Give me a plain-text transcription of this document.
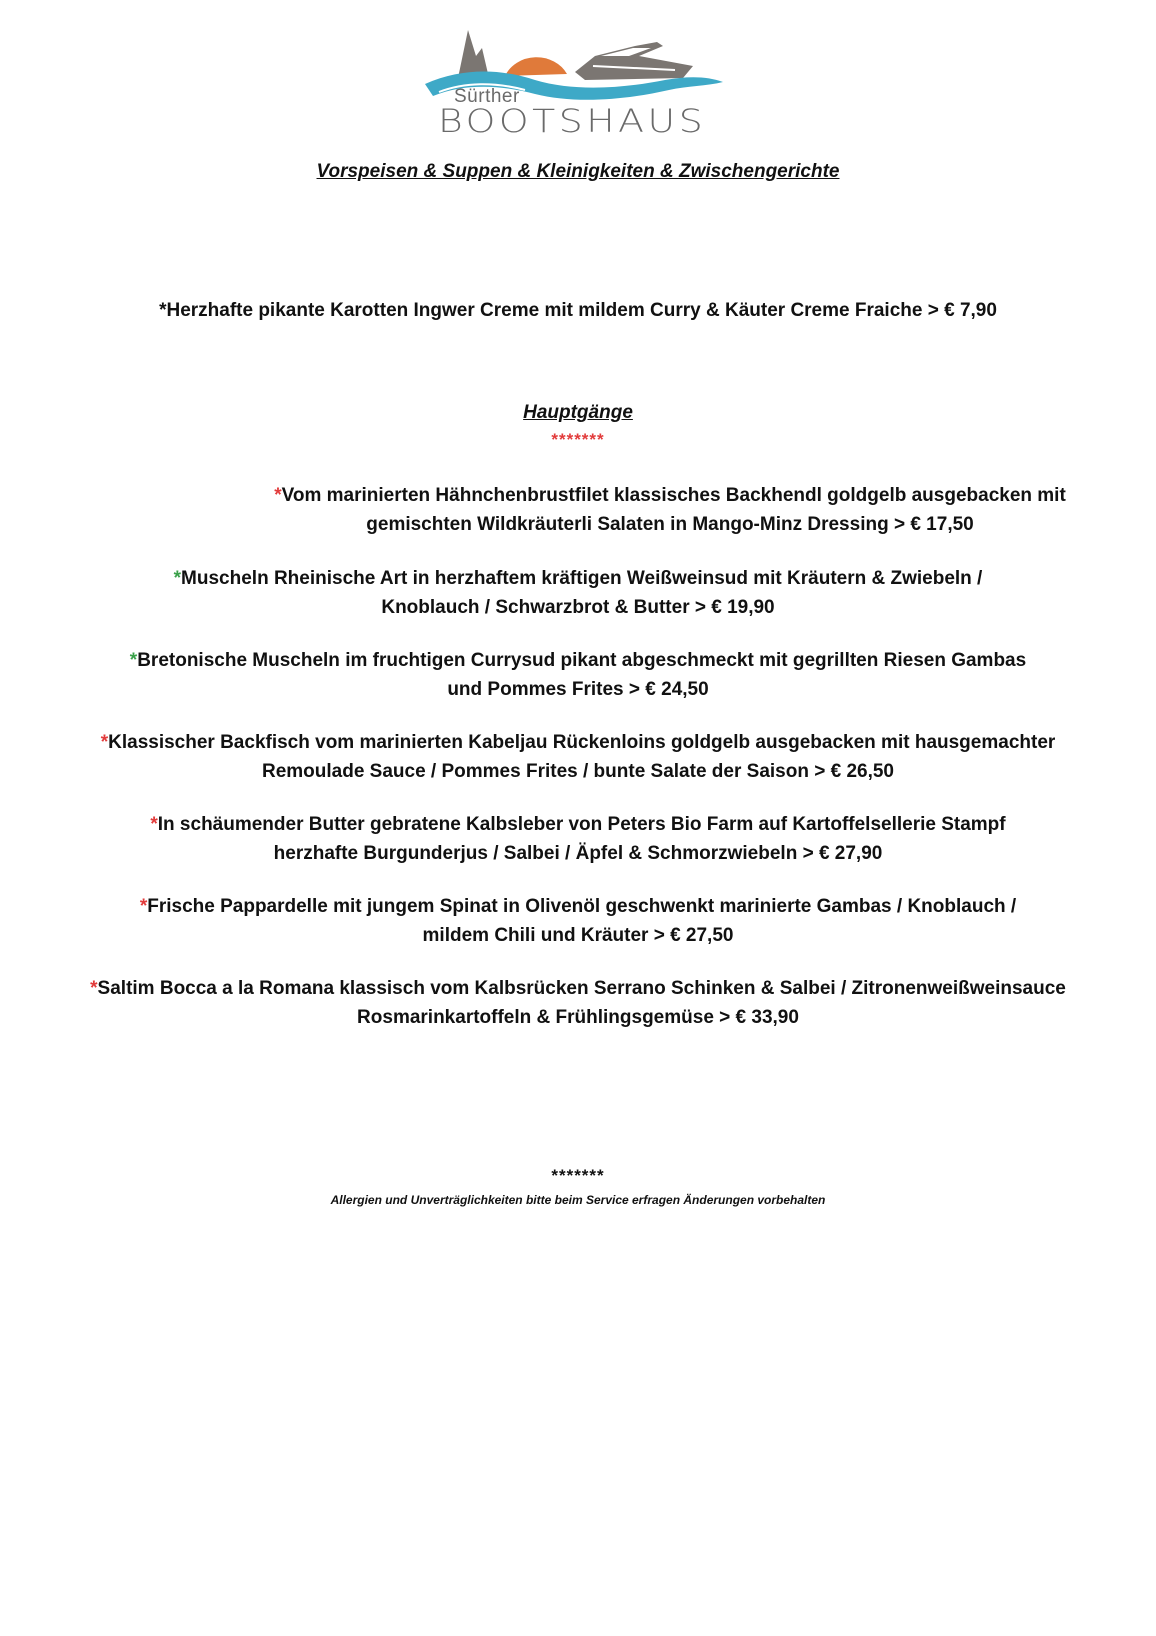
Sürther
BOOTSHAUS
Vorspeisen & Suppen & Kleinigkeiten & Zwischengerichte
*Herzhafte pikante Karotten Ingwer Creme mit mildem Curry & Käuter Creme Fraiche > € 7,90
Hauptgänge
*******
*Vom marinierten Hähnchenbrustfilet klassisches Backhendl goldgelb ausgebacken mit
gemischten Wildkräuterli Salaten in Mango-Minz Dressing > € 17,50
*Muscheln Rheinische Art in herzhaftem kräftigen Weißweinsud mit Kräutern & Zwiebeln /
Knoblauch / Schwarzbrot & Butter > € 19,90
*Bretonische Muscheln im fruchtigen Currysud pikant abgeschmeckt mit gegrillten Riesen Gambas
und Pommes Frites > € 24,50
*Klassischer Backfisch vom marinierten Kabeljau Rückenloins goldgelb ausgebacken mit hausgemachter
Remoulade Sauce / Pommes Frites / bunte Salate der Saison > € 26,50
*In schäumender Butter gebratene Kalbsleber von Peters Bio Farm auf Kartoffelsellerie Stampf
herzhafte Burgunderjus / Salbei / Äpfel & Schmorzwiebeln > € 27,90
*Frische Pappardelle mit jungem Spinat in Olivenöl geschwenkt marinierte Gambas / Knoblauch /
mildem Chili und Kräuter > € 27,50
*Saltim Bocca a la Romana klassisch vom Kalbsrücken Serrano Schinken & Salbei / Zitronenweißweinsauce
Rosmarinkartoffeln & Frühlingsgemüse > € 33,90
*******
Allergien und Unverträglichkeiten bitte beim Service erfragen Änderungen vorbehalten
